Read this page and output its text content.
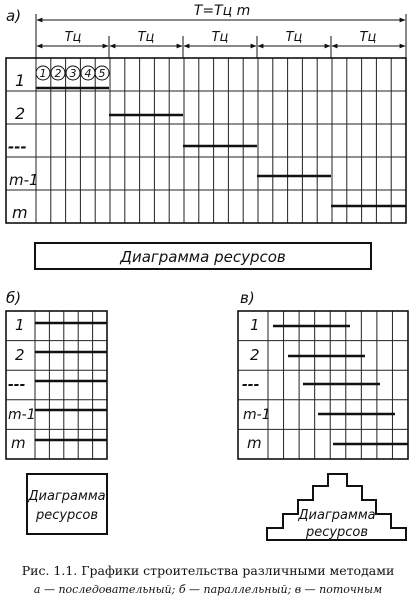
а)	T=Tц m
Tц	Tц	Tц	Tц	Tц
1
2
---
m-1
m
1 2 3 4 5
Диаграмма ресурсов
б)
1
2
---
m-1
m
Диаграмма
ресурсов
в)
1
2
---
m-1
m
Диаграмма
ресурсов
Рис. 1.1. Графики строительства различными методами
а — последовательный; б — параллельный; в — поточным
